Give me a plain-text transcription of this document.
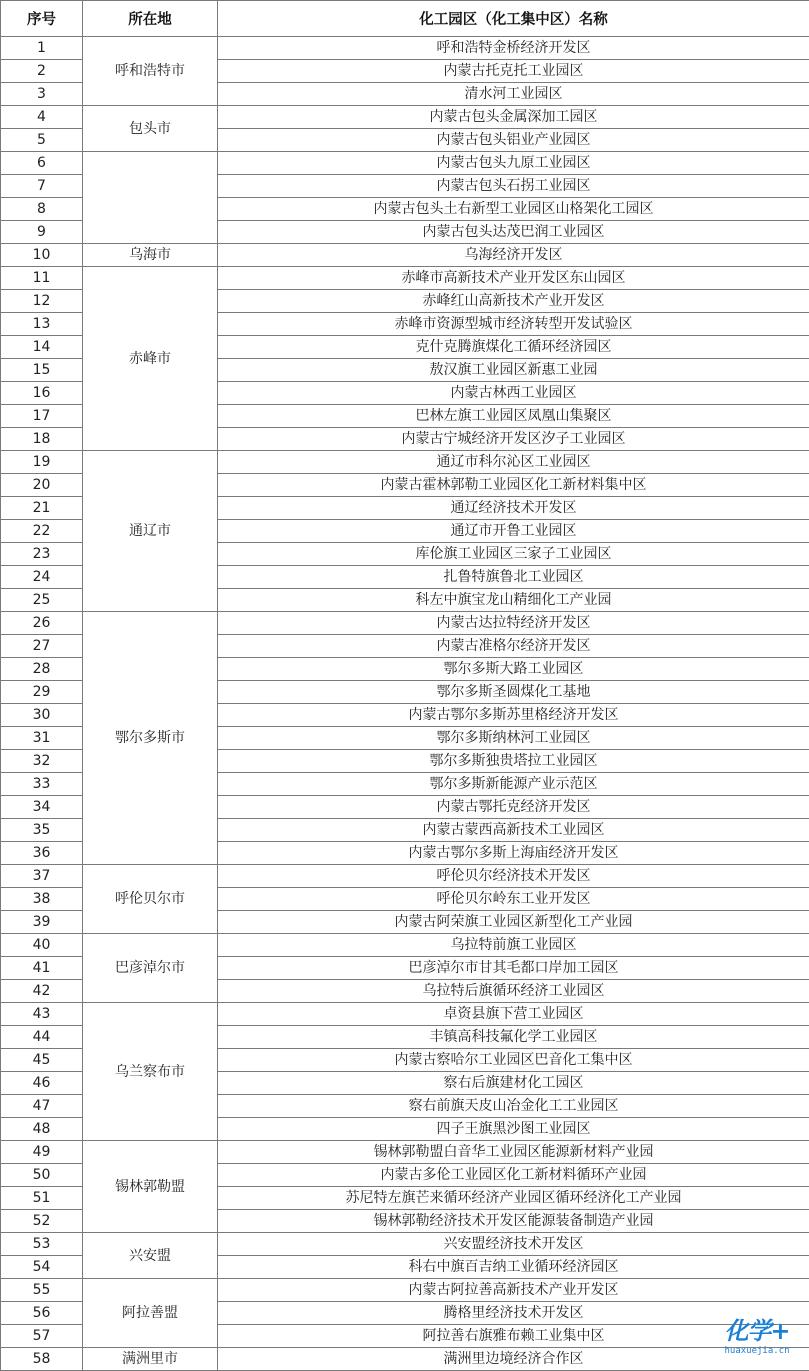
序号	所在地	化工园区（化工集中区）名称
1	呼和浩特市	呼和浩特金桥经济开发区
2		内蒙古托克托工业园区
3		清水河工业园区
4	包头市	内蒙古包头金属深加工园区
5		内蒙古包头铝业产业园区
6		内蒙古包头九原工业园区
7		内蒙古包头石拐工业园区
8		内蒙古包头土右新型工业园区山格架化工园区
9		内蒙古包头达茂巴润工业园区
10	乌海市	乌海经济开发区
11	赤峰市	赤峰市高新技术产业开发区东山园区
12		赤峰红山高新技术产业开发区
13		赤峰市资源型城市经济转型开发试验区
14		克什克腾旗煤化工循环经济园区
15		敖汉旗工业园区新惠工业园
16		内蒙古林西工业园区
17		巴林左旗工业园区凤凰山集聚区
18		内蒙古宁城经济开发区汐子工业园区
19	通辽市	通辽市科尔沁区工业园区
20		内蒙古霍林郭勒工业园区化工新材料集中区
21		通辽经济技术开发区
22		通辽市开鲁工业园区
23		库伦旗工业园区三家子工业园区
24		扎鲁特旗鲁北工业园区
25		科左中旗宝龙山精细化工产业园
26	鄂尔多斯市	内蒙古达拉特经济开发区
27		内蒙古准格尔经济开发区
28		鄂尔多斯大路工业园区
29		鄂尔多斯圣圆煤化工基地
30		内蒙古鄂尔多斯苏里格经济开发区
31		鄂尔多斯纳林河工业园区
32		鄂尔多斯独贵塔拉工业园区
33		鄂尔多斯新能源产业示范区
34		内蒙古鄂托克经济开发区
35		内蒙古蒙西高新技术工业园区
36		内蒙古鄂尔多斯上海庙经济开发区
37	呼伦贝尔市	呼伦贝尔经济技术开发区
38		呼伦贝尔岭东工业开发区
39		内蒙古阿荣旗工业园区新型化工产业园
40	巴彦淖尔市	乌拉特前旗工业园区
41		巴彦淖尔市甘其毛都口岸加工园区
42		乌拉特后旗循环经济工业园区
43	乌兰察布市	卓资县旗下营工业园区
44		丰镇高科技氟化学工业园区
45		内蒙古察哈尔工业园区巴音化工集中区
46		察右后旗建材化工园区
47		察右前旗天皮山冶金化工工业园区
48		四子王旗黑沙图工业园区
49	锡林郭勒盟	锡林郭勒盟白音华工业园区能源新材料产业园
50		内蒙古多伦工业园区化工新材料循环产业园
51		苏尼特左旗芒来循环经济产业园区循环经济化工产业园
52		锡林郭勒经济技术开发区能源装备制造产业园
53	兴安盟	兴安盟经济技术开发区
54		科右中旗百吉纳工业循环经济园区
55	阿拉善盟	内蒙古阿拉善高新技术产业开发区
56		腾格里经济技术开发区
57		阿拉善右旗雅布赖工业集中区
58	满洲里市	满洲里边境经济合作区
化学+
huaxuejia.cn
